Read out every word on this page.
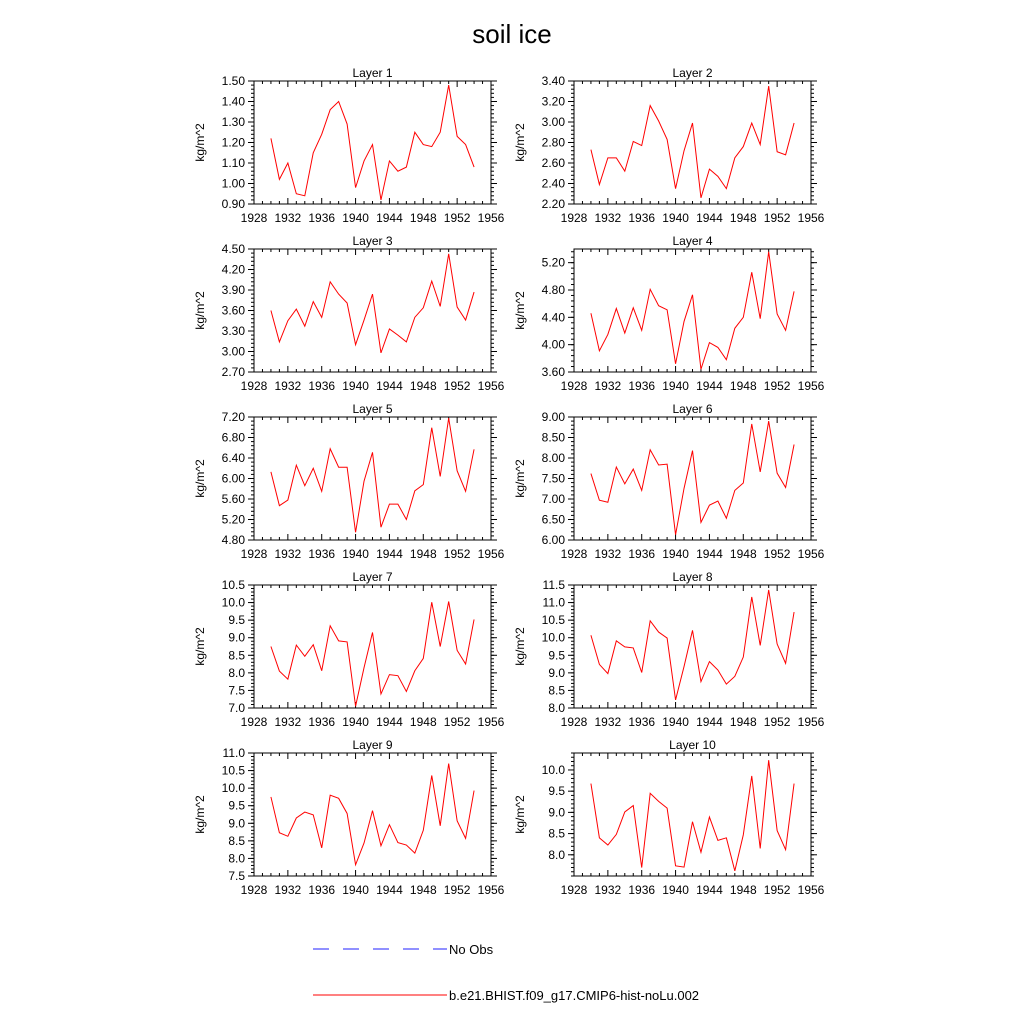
soil ice
Layer 1
kg/m^2
1928 1932 1936 1940 1944 1948 1952 1956
0.90
1.00
1.10
1.20
1.30
1.40
1.50
Layer 2
kg/m^2
1928 1932 1936 1940 1944 1948 1952 1956
2.20
2.40
2.60
2.80
3.00
3.20
3.40
Layer 3
kg/m^2
1928 1932 1936 1940 1944 1948 1952 1956
2.70
3.00
3.30
3.60
3.90
4.20
4.50
Layer 4
kg/m^2
1928 1932 1936 1940 1944 1948 1952 1956
3.60
4.00
4.40
4.80
5.20
Layer 5
kg/m^2
1928 1932 1936 1940 1944 1948 1952 1956
4.80
5.20
5.60
6.00
6.40
6.80
7.20
Layer 6
kg/m^2
1928 1932 1936 1940 1944 1948 1952 1956
6.00
6.50
7.00
7.50
8.00
8.50
9.00
Layer 7
kg/m^2
1928 1932 1936 1940 1944 1948 1952 1956
7.0
7.5
8.0
8.5
9.0
9.5
10.0
10.5
Layer 8
kg/m^2
1928 1932 1936 1940 1944 1948 1952 1956
8.0
8.5
9.0
9.5
10.0
10.5
11.0
11.5
Layer 9
kg/m^2
1928 1932 1936 1940 1944 1948 1952 1956
7.5
8.0
8.5
9.0
9.5
10.0
10.5
11.0
Layer 10
kg/m^2
1928 1932 1936 1940 1944 1948 1952 1956
8.0
8.5
9.0
9.5
10.0
No Obs
b.e21.BHIST.f09_g17.CMIP6-hist-noLu.002
